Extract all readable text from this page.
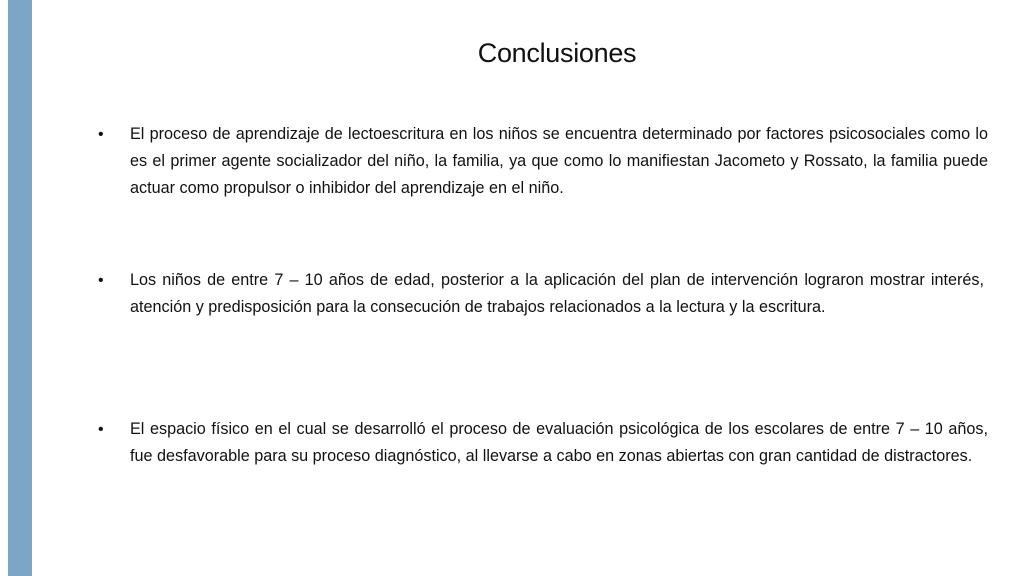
Conclusiones
•	El proceso de aprendizaje de lectoescritura en los niños se encuentra determinado por factores psicosociales como lo es el primer agente socializador del niño, la familia, ya que como lo manifiestan Jacometo y Rossato, la familia puede actuar como propulsor o inhibidor del aprendizaje en el niño.

•	Los niños de entre 7 – 10 años de edad, posterior a la aplicación del plan de intervención lograron mostrar interés, atención y predisposición para la consecución de trabajos relacionados a la lectura y la escritura.

•	El espacio físico en el cual se desarrolló el proceso de evaluación psicológica de los escolares de entre 7 – 10 años, fue desfavorable para su proceso diagnóstico, al llevarse a cabo en zonas abiertas con gran cantidad de distractores.
